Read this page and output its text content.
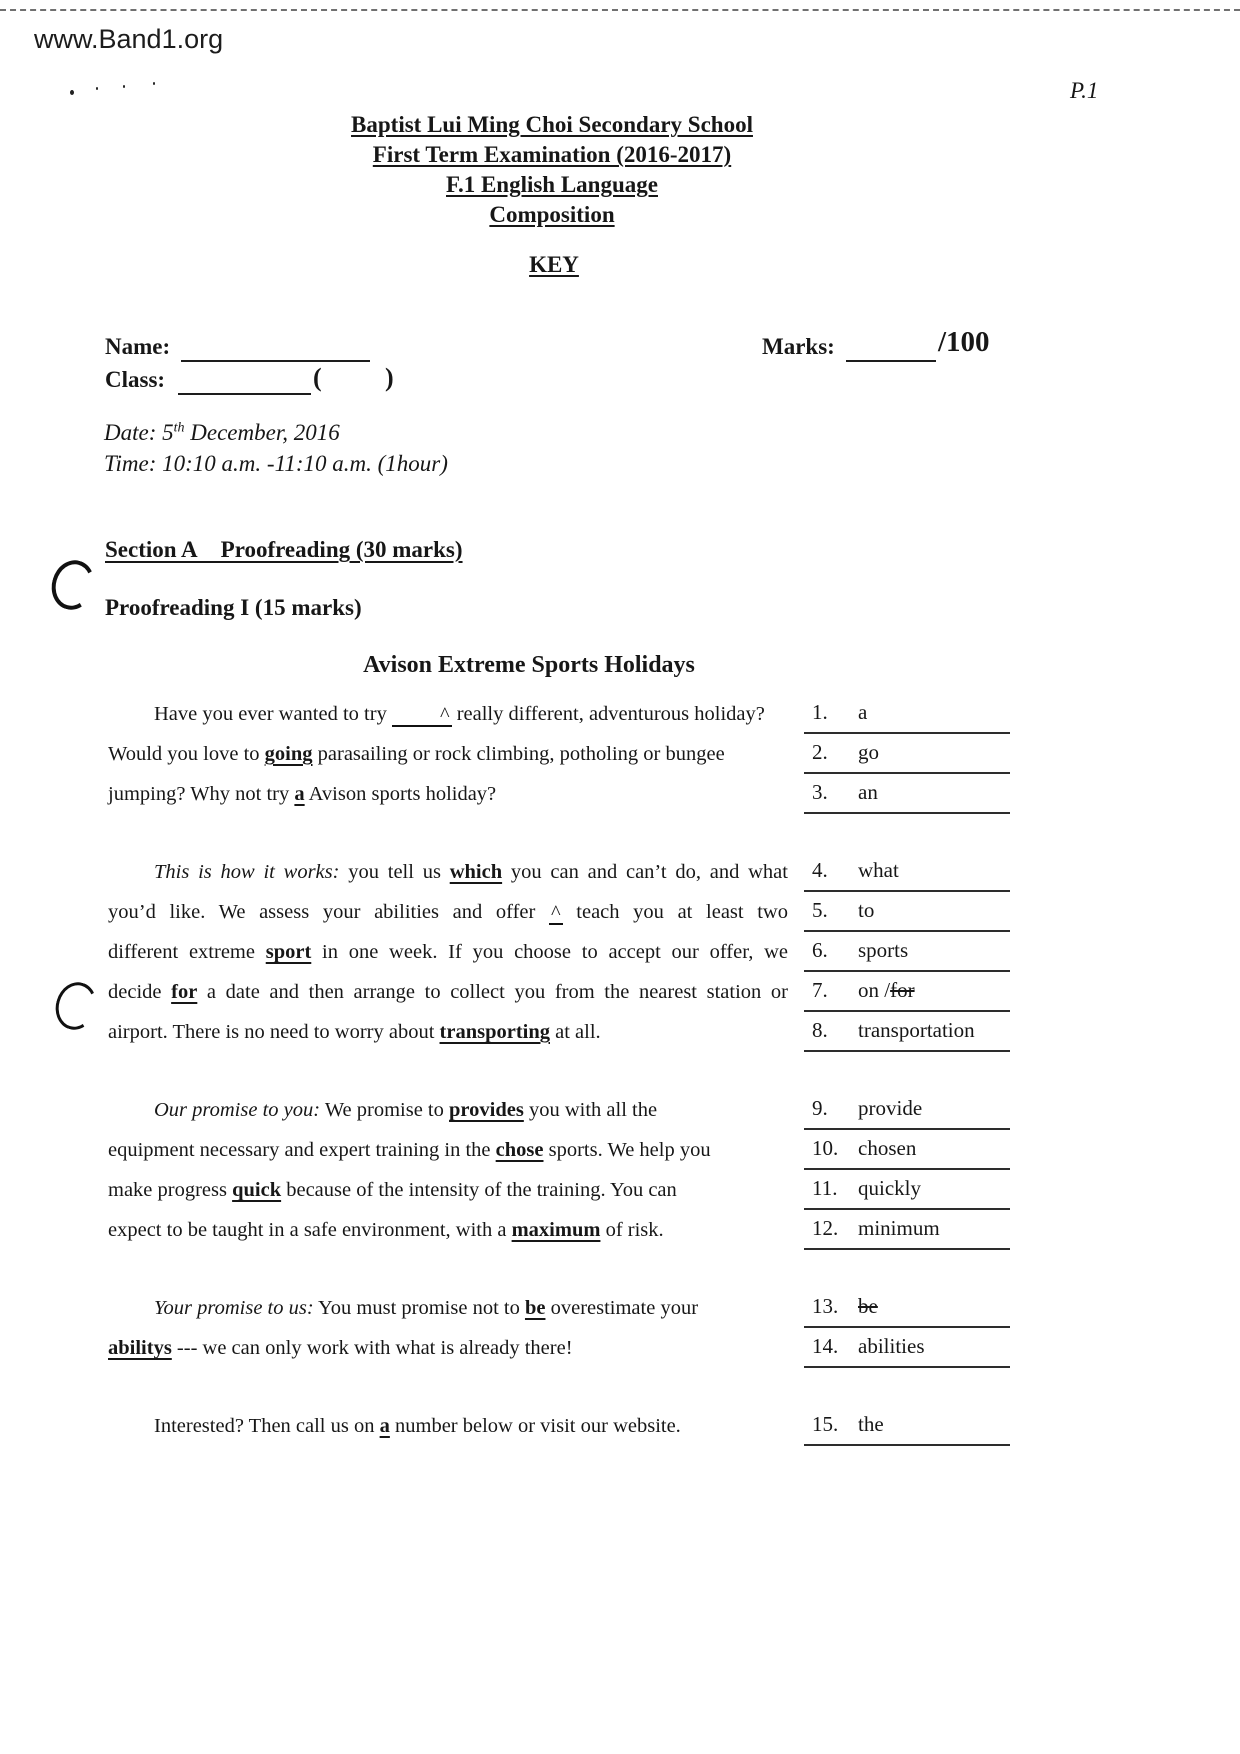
www.Band1.org
P.1
Baptist Lui Ming Choi Secondary School
First Term Examination (2016-2017)
F.1 English Language
Composition
KEY
Name:	Marks:	/100
Class:	( )
Date: 5th December, 2016
Time: 10:10 a.m. -11:10 a.m. (1hour)
Section A  Proofreading (30 marks)
Proofreading I (15 marks)
Avison Extreme Sports Holidays
Have you ever wanted to try ^ really different, adventurous holiday?	1. a
Would you love to going parasailing or rock climbing, potholing or bungee	2. go
jumping? Why not try a Avison sports holiday?	3. an
This is how it works: you tell us which you can and can’t do, and what	4. what
you’d like. We assess your abilities and offer ^ teach you at least two	5. to
different extreme sport in one week. If you choose to accept our offer, we	6. sports
decide for a date and then arrange to collect you from the nearest station or	7. on /for
airport. There is no need to worry about transporting at all.	8. transportation
Our promise to you: We promise to provides you with all the	9. provide
equipment necessary and expert training in the chose sports. We help you	10. chosen
make progress quick because of the intensity of the training. You can	11. quickly
expect to be taught in a safe environment, with a maximum of risk.	12. minimum
Your promise to us: You must promise not to be overestimate your	13. be
abilitys --- we can only work with what is already there!	14. abilities
Interested? Then call us on a number below or visit our website.	15. the
